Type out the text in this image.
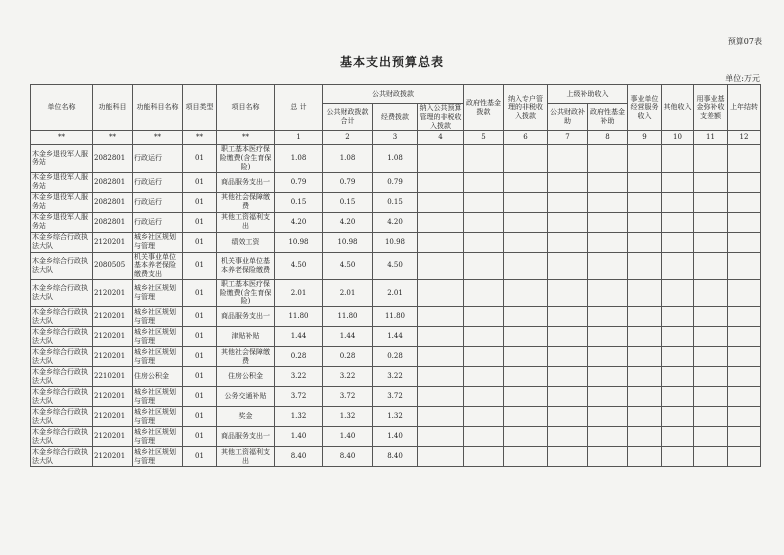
预算07表
基本支出预算总表
单位:万元
单位名称	功能科目	功能科目名称	项目类型	项目名称	总 计	公共财政拨款			政府性基金拨款	纳入专户管理的非税收入拨款	上级补助收入		事业单位经营服务收入	其他收入	用事业基金弥补收支差额	上年结转
						公共财政拨款合计	经费拨款	纳入公共预算管理的非税收入拨款								
											公共财政补助	政府性基金补助				
**	**	**	**	**	1	2	3	4	5	6	7	8	9	10	11	12
木金乡退役军人服务站	2082801	行政运行	01	职工基本医疗保险缴费(含生育保险)	1.08	1.08	1.08									
木金乡退役军人服务站	2082801	行政运行	01	商品服务支出一	0.79	0.79	0.79									
木金乡退役军人服务站	2082801	行政运行	01	其他社会保障缴费	0.15	0.15	0.15									
木金乡退役军人服务站	2082801	行政运行	01	其他工资福利支出	4.20	4.20	4.20									
木金乡综合行政执法大队	2120201	城乡社区规划与管理	01	绩效工资	10.98	10.98	10.98									
木金乡综合行政执法大队	2080505	机关事业单位基本养老保险缴费支出	01	机关事业单位基本养老保险缴费	4.50	4.50	4.50									
木金乡综合行政执法大队	2120201	城乡社区规划与管理	01	职工基本医疗保险缴费(含生育保险)	2.01	2.01	2.01									
木金乡综合行政执法大队	2120201	城乡社区规划与管理	01	商品服务支出一	11.80	11.80	11.80									
木金乡综合行政执法大队	2120201	城乡社区规划与管理	01	津贴补贴	1.44	1.44	1.44									
木金乡综合行政执法大队	2120201	城乡社区规划与管理	01	其他社会保障缴费	0.28	0.28	0.28									
木金乡综合行政执法大队	2210201	住房公积金	01	住房公积金	3.22	3.22	3.22									
木金乡综合行政执法大队	2120201	城乡社区规划与管理	01	公务交通补贴	3.72	3.72	3.72									
木金乡综合行政执法大队	2120201	城乡社区规划与管理	01	奖金	1.32	1.32	1.32									
木金乡综合行政执法大队	2120201	城乡社区规划与管理	01	商品服务支出一	1.40	1.40	1.40									
木金乡综合行政执法大队	2120201	城乡社区规划与管理	01	其他工资福利支出	8.40	8.40	8.40									
